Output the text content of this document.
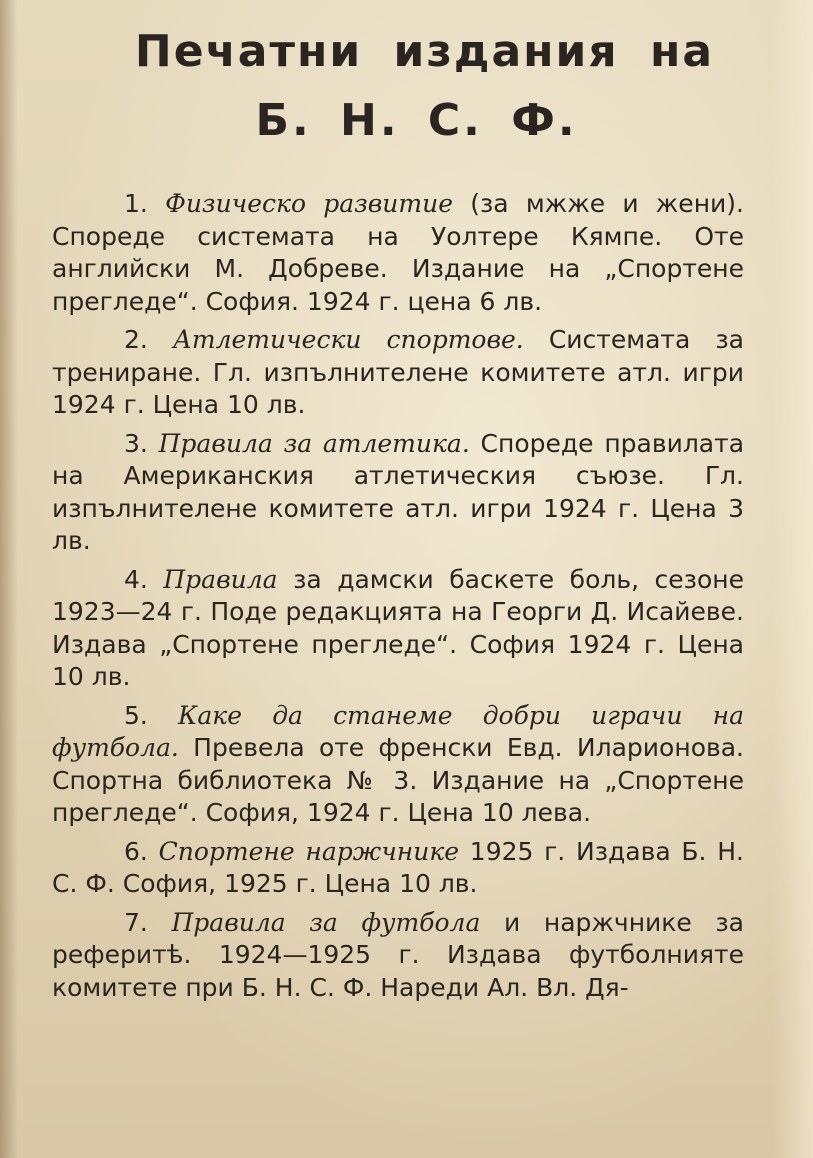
Печатни издания на
Б. Н. С. Ф.

1. Физическо развитие (за мжже и жени). Спореде системата на Уолтере Кямпе. Оте английски М. Добреве. Издание на „Спортене прегледе“. София. 1924 г. цена 6 лв.

2. Атлетически спортове. Системата за трениране. Гл. изпълнителене комитете атл. игри 1924 г. Цена 10 лв.

3. Правила за атлетика. Спореде правилата на Американския атлетическия съюзе. Гл. изпълнителене комитете атл. игри 1924 г. Цена 3 лв.

4. Правила за дамски баскете боль, сезоне 1923—24 г. Поде редакцията на Георги Д. Исайеве. Издава „Спортене прегледе“. София 1924 г. Цена 10 лв.

5. Каке да станеме добри играчи на футбола. Превела оте френски Евд. Иларионова. Спортна библиотека № 3. Издание на „Спортене прегледе“. София, 1924 г. Цена 10 лева.

6. Спортене наржчнике 1925 г. Издава Б. Н. С. Ф. София, 1925 г. Цена 10 лв.

7. Правила за футбола и наржчнике за реферитѣ. 1924—1925 г. Издава футболнияте комитете при Б. Н. С. Ф. Нареди Ал. Вл. Дя-
